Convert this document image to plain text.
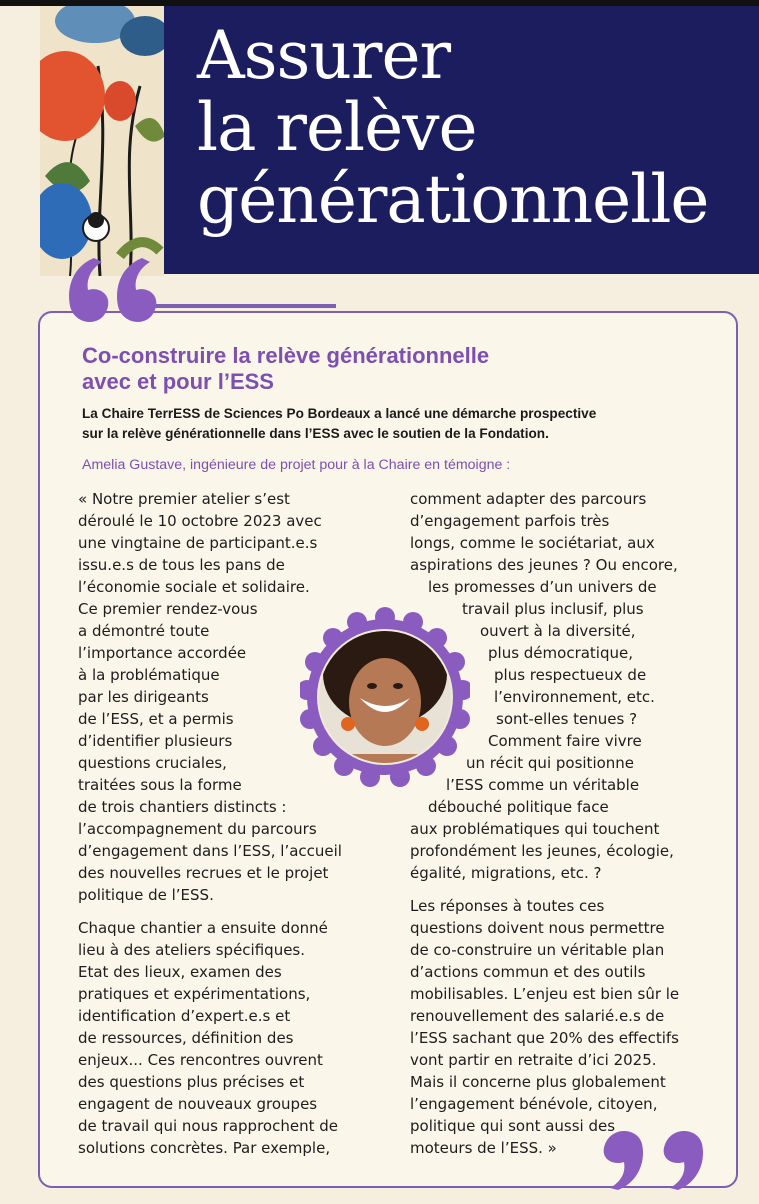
Assurer
la relève
générationnelle
Co-construire la relève générationnelle
avec et pour l’ESS
La Chaire TerrESS de Sciences Po Bordeaux a lancé une démarche prospective
sur la relève générationnelle dans l’ESS avec le soutien de la Fondation.
Amelia Gustave, ingénieure de projet pour à la Chaire en témoigne :
« Notre premier atelier s’est
déroulé le 10 octobre 2023 avec
une vingtaine de participant.e.s
issu.e.s de tous les pans de
l’économie sociale et solidaire.
Ce premier rendez-vous
a démontré toute
l’importance accordée
à la problématique
par les dirigeants
de l’ESS, et a permis
d’identifier plusieurs
questions cruciales,
traitées sous la forme
de trois chantiers distincts :
l’accompagnement du parcours
d’engagement dans l’ESS, l’accueil
des nouvelles recrues et le projet
politique de l’ESS.
Chaque chantier a ensuite donné
lieu à des ateliers spécifiques.
Etat des lieux, examen des
pratiques et expérimentations,
identification d’expert.e.s et
de ressources, définition des
enjeux... Ces rencontres ouvrent
des questions plus précises et
engagent de nouveaux groupes
de travail qui nous rapprochent de
solutions concrètes. Par exemple,
comment adapter des parcours
d’engagement parfois très
longs, comme le sociétariat, aux
aspirations des jeunes ? Ou encore,
les promesses d’un univers de
travail plus inclusif, plus
ouvert à la diversité,
plus démocratique,
plus respectueux de
l’environnement, etc.
sont-elles tenues ?
Comment faire vivre
un récit qui positionne
l’ESS comme un véritable
débouché politique face
aux problématiques qui touchent
profondément les jeunes, écologie,
égalité, migrations, etc. ?
Les réponses à toutes ces
questions doivent nous permettre
de co-construire un véritable plan
d’actions commun et des outils
mobilisables. L’enjeu est bien sûr le
renouvellement des salarié.e.s de
l’ESS sachant que 20% des effectifs
vont partir en retraite d’ici 2025.
Mais il concerne plus globalement
l’engagement bénévole, citoyen,
politique qui sont aussi des
moteurs de l’ESS. »
